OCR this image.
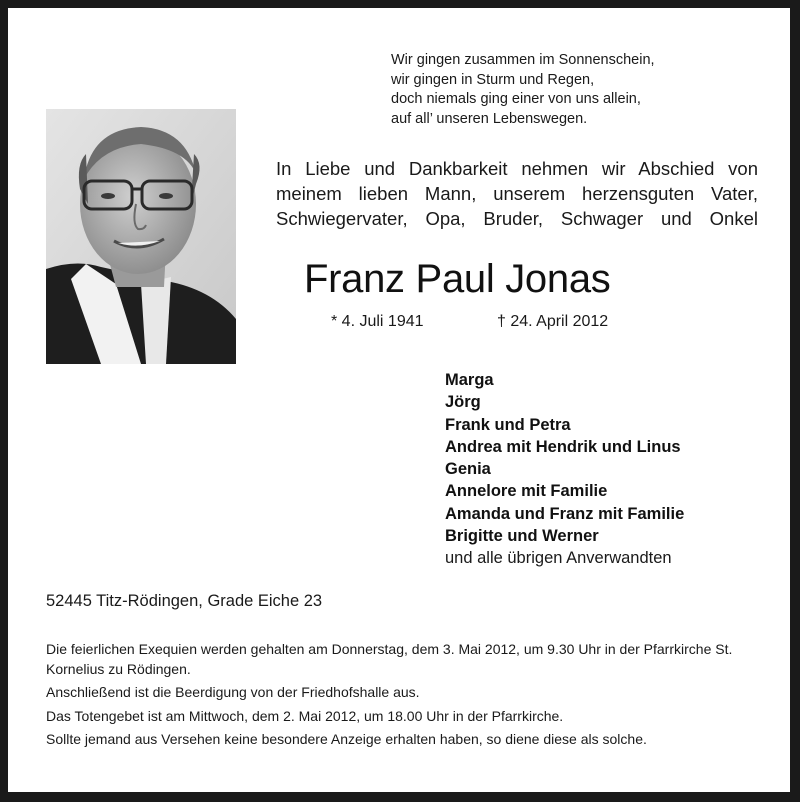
Wir gingen zusammen im Sonnenschein,
wir gingen in Sturm und Regen,
doch niemals ging einer von uns allein,
auf all’ unseren Lebenswegen.
In Liebe und Dankbarkeit nehmen wir Abschied von
meinem lieben Mann, unserem herzensguten Vater,
Schwiegervater, Opa, Bruder, Schwager und Onkel
Franz Paul Jonas
* 4. Juli 1941	† 24. April 2012
Marga
Jörg
Frank und Petra
Andrea mit Hendrik und Linus
Genia
Annelore mit Familie
Amanda und Franz mit Familie
Brigitte und Werner
und alle übrigen Anverwandten
52445 Titz-Rödingen, Grade Eiche 23

Die feierlichen Exequien werden gehalten am Donnerstag, dem 3. Mai 2012, um 9.30 Uhr in der Pfarrkirche St. Kornelius zu Rödingen.

Anschließend ist die Beerdigung von der Friedhofshalle aus.

Das Totengebet ist am Mittwoch, dem 2. Mai 2012, um 18.00 Uhr in der Pfarrkirche.

Sollte jemand aus Versehen keine besondere Anzeige erhalten haben, so diene diese als solche.
